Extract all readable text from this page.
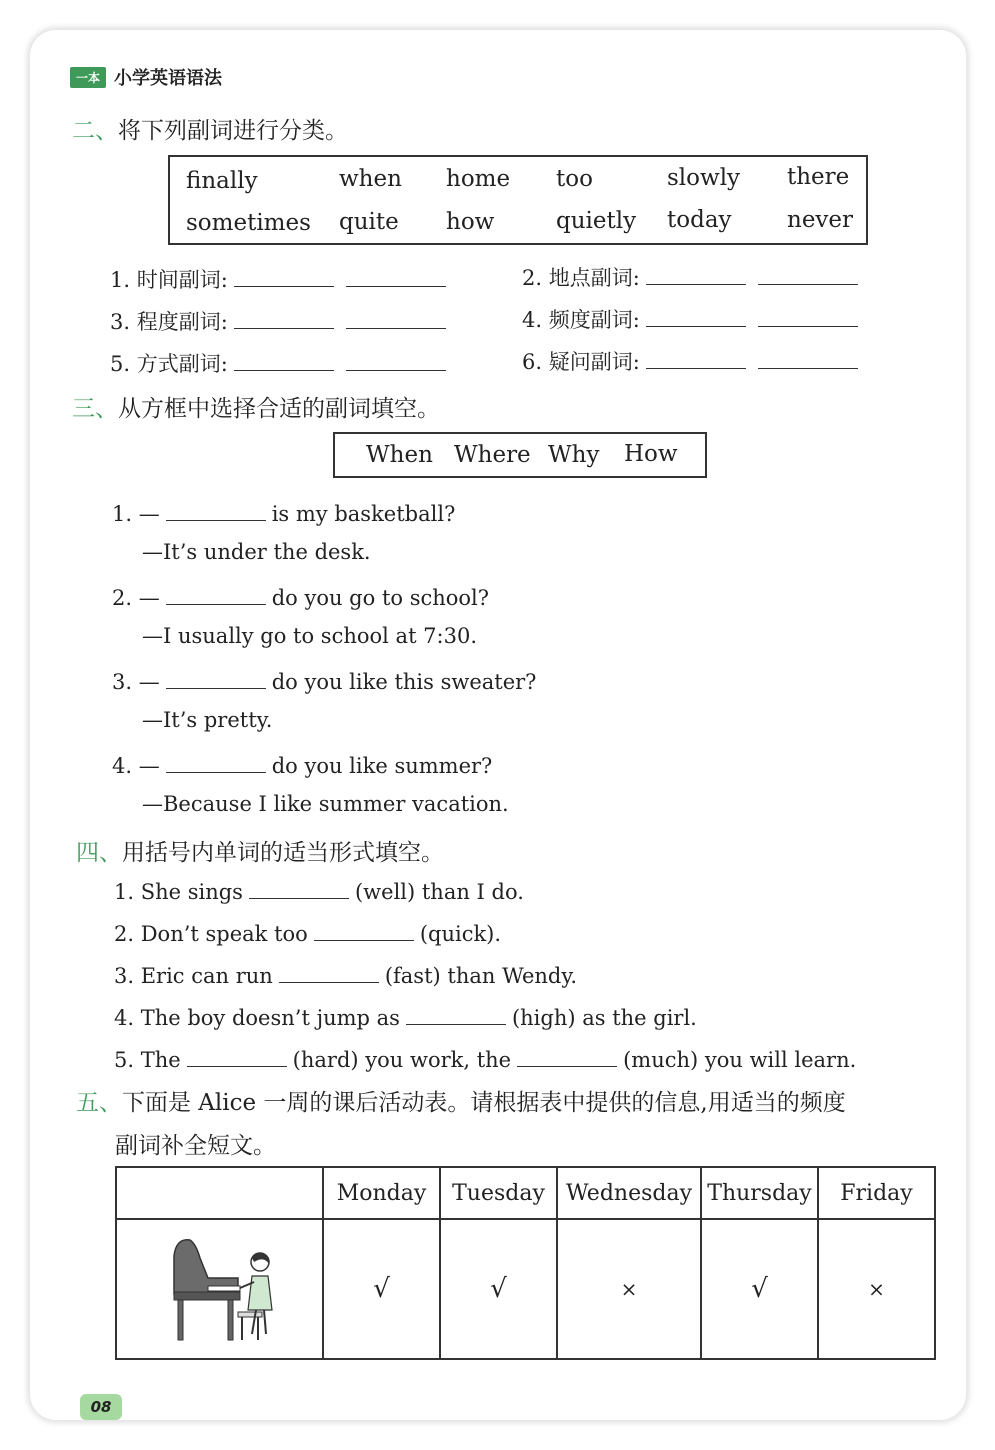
一本 小学英语语法
二、将下列副词进行分类。
finally	when home too	slowly there
sometimes quite how	quietly today never
1. 时间副词:	2. 地点副词:
3. 程度副词:	4. 频度副词:
5. 方式副词:	6. 疑问副词:
三、从方框中选择合适的副词填空。
When Where Why How
1. —	is my basketball?
—It’s under the desk.
2. —	do you go to school?
—I usually go to school at 7:30.
3. —	do you like this sweater?
—It’s pretty.
4. —	do you like summer?
—Because I like summer vacation.
四、用括号内单词的适当形式填空。
1. She sings	(well) than I do.
2. Don’t speak too	(quick).
3. Eric can run	(fast) than Wendy.
4. The boy doesn’t jump as	(high) as the girl.
5. The	(hard) you work, the	(much) you will learn.
五、下面是 Alice 一周的课后活动表。请根据表中提供的信息,用适当的频度
副词补全短文。
	Monday	Tuesday	Wednesday	Thursday	Friday
	√	√	×	√	×
08
